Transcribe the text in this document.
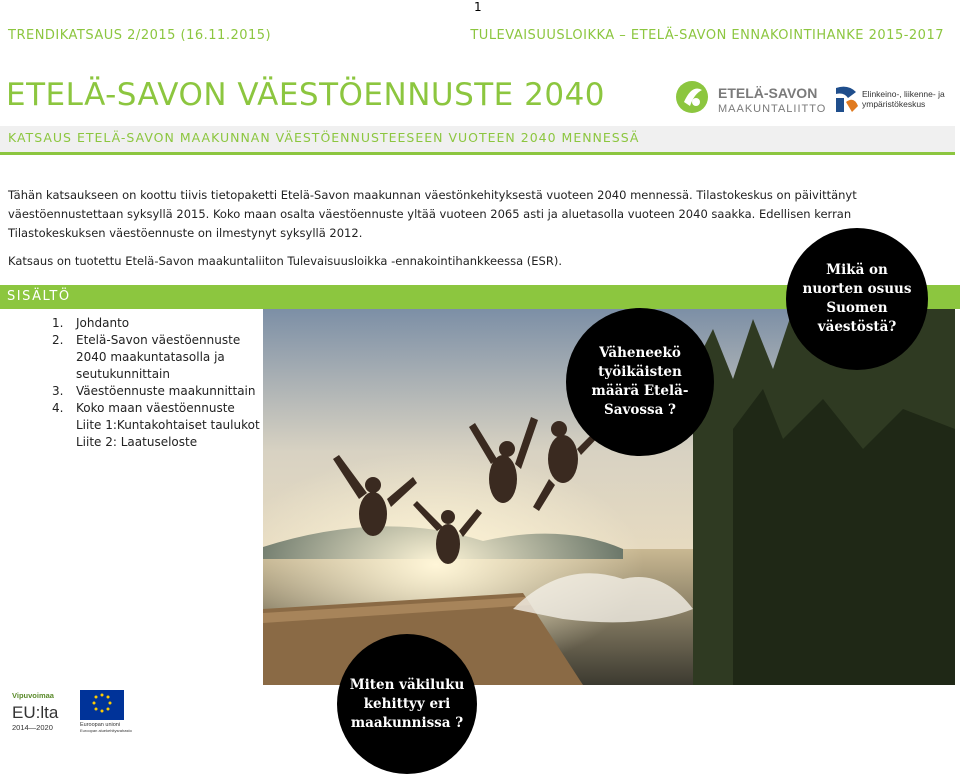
1
TRENDIKATSAUS 2/2015 (16.11.2015)	TULEVAISUUSLOIKKA – ETELÄ-SAVON ENNAKOINTIHANKE 2015-2017
ETELÄ-SAVON VÄESTÖENNUSTE 2040	ETELÄ-SAVON
MAAKUNTALIITTO
Elinkeino-, liikenne- ja
ympäristökeskus
KATSAUS ETELÄ-SAVON MAAKUNNAN VÄESTÖENNUSTEESEEN VUOTEEN 2040 MENNESSÄ
Tähän katsaukseen on koottu tiivis tietopaketti Etelä-Savon maakunnan väestönkehityksestä vuoteen 2040 mennessä. Tilastokeskus on päivittänyt väestöennustettaan syksyllä 2015. Koko maan osalta väestöennuste yltää vuoteen 2065 asti ja aluetasolla vuoteen 2040 saakka. Edellisen kerran Tilastokeskuksen väestöennuste on ilmestynyt syksyllä 2012.
Katsaus on tuotettu Etelä-Savon maakuntaliiton Tulevaisuusloikka -ennakointihankkeessa (ESR).
SISÄLTÖ
1.	Johdanto
2.	Etelä-Savon väestöennuste 2040 maakuntatasolla ja seutukunnittain
3.	Väestöennuste maakunnittain
4.	Koko maan väestöennuste
Liite 1:Kuntakohtaiset taulukot
Liite 2: Laatuseloste
Mikä on nuorten osuus Suomen väestöstä?
Väheneekö työikäisten määrä Etelä-Savossa ?
Miten väkiluku kehittyy eri maakunnissa ?
Vipuvoimaa
EU:lta
2014—2020	Euroopan unioni
Euroopan aluekehitysrahasto
